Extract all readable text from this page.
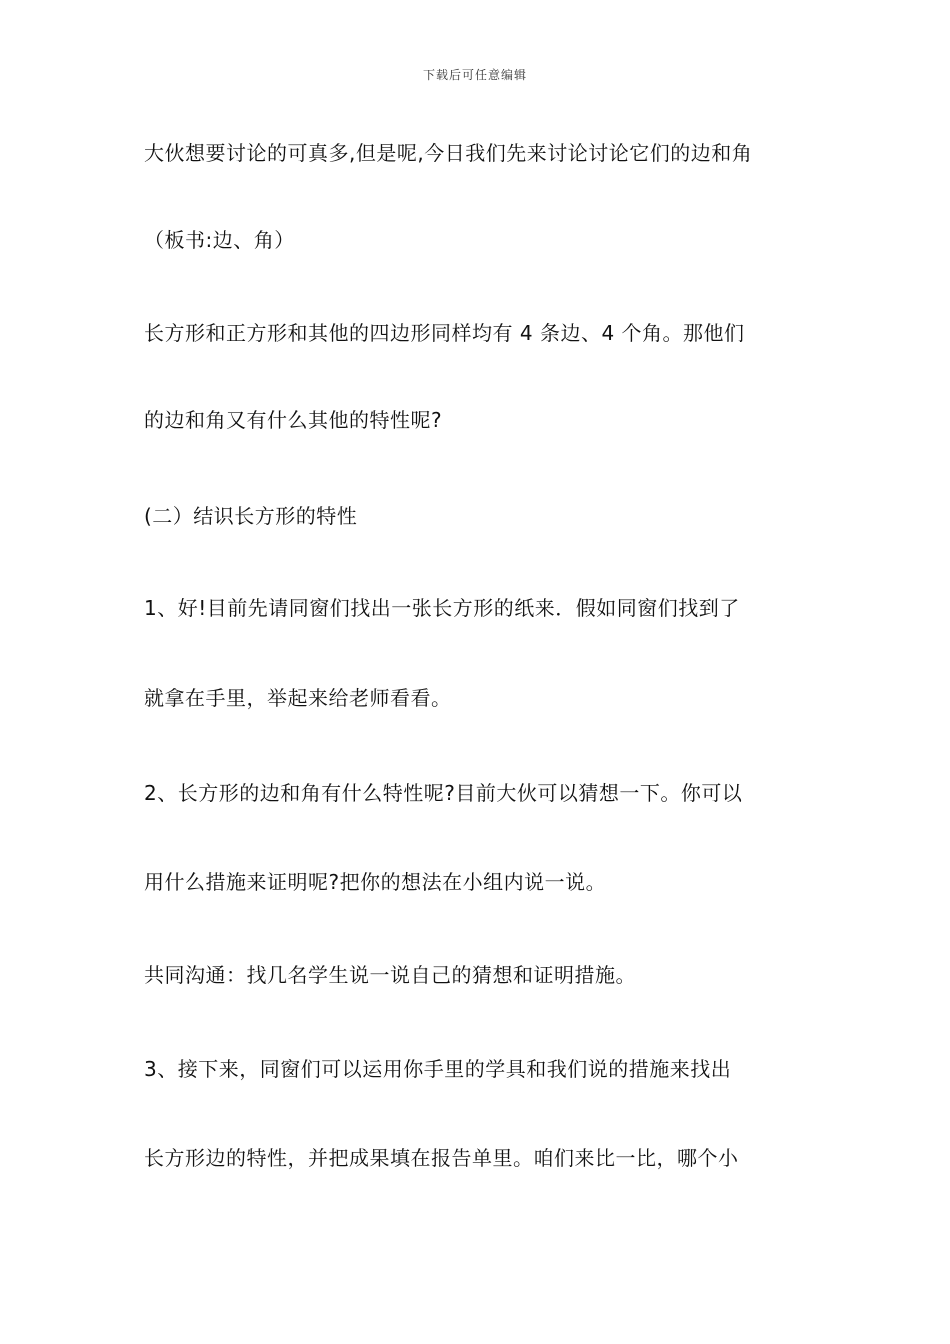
下载后可任意编辑
大伙想要讨论的可真多,但是呢,今日我们先来讨论讨论它们的边和角
（板书:边、角）
长方形和正方形和其他的四边形同样均有 4 条边、4 个角。那他们
的边和角又有什么其他的特性呢?
(二）结识长方形的特性
1、好!目前先请同窗们找出一张长方形的纸来．假如同窗们找到了
就拿在手里，举起来给老师看看。
2、长方形的边和角有什么特性呢?目前大伙可以猜想一下。你可以
用什么措施来证明呢?把你的想法在小组内说一说。
共同沟通：找几名学生说一说自己的猜想和证明措施。
3、接下来，同窗们可以运用你手里的学具和我们说的措施来找出
长方形边的特性，并把成果填在报告单里。咱们来比一比，哪个小
